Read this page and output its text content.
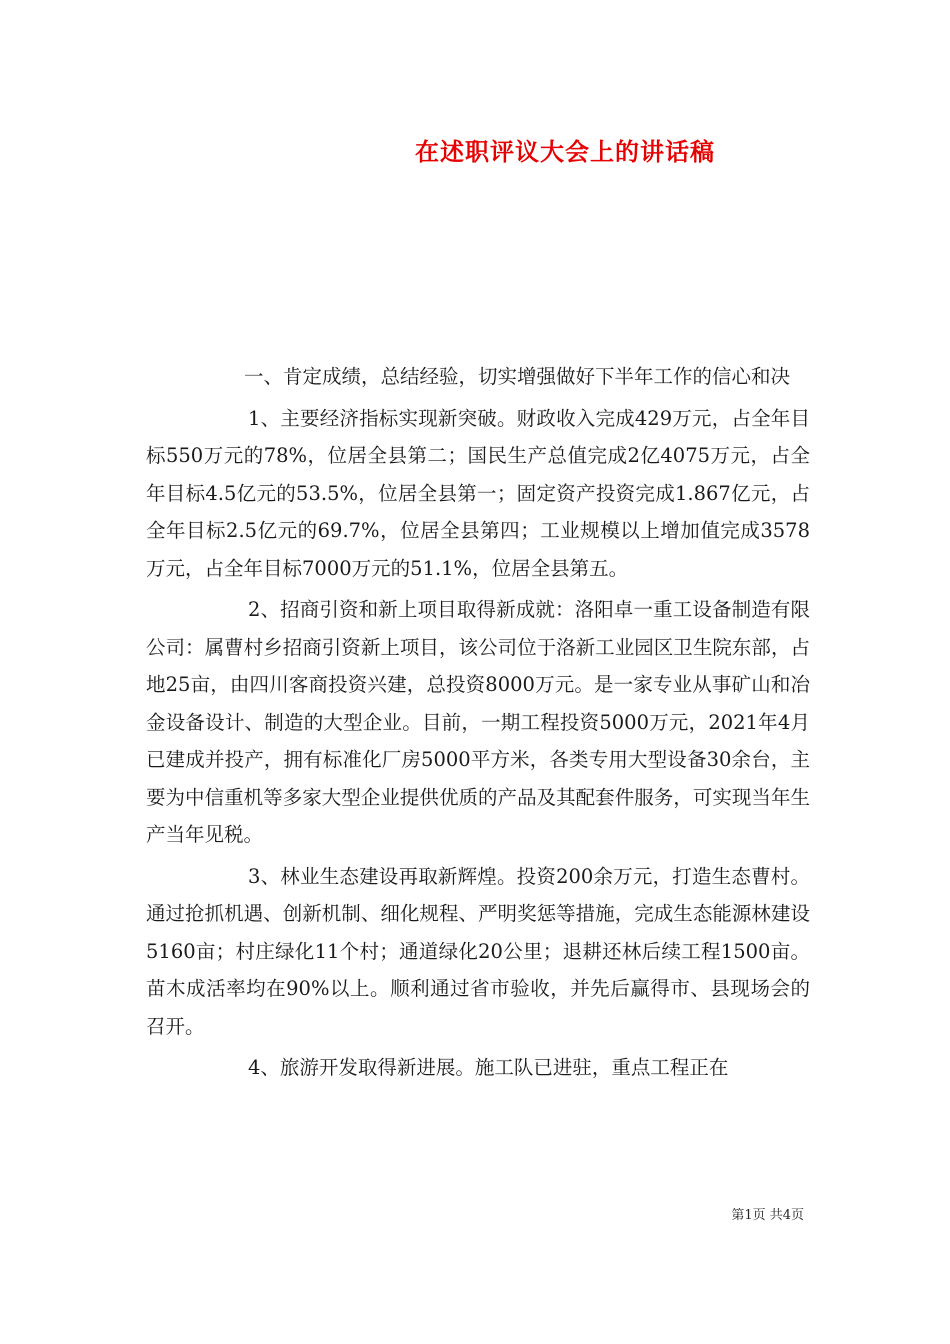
在述职评议大会上的讲话稿

一、肯定成绩，总结经验，切实增强做好下半年工作的信心和决

1、主要经济指标实现新突破。财政收入完成429万元，占全年目标550万元的78%，位居全县第二；国民生产总值完成2亿4075万元，占全年目标4.5亿元的53.5%，位居全县第一；固定资产投资完成1.867亿元，占全年目标2.5亿元的69.7%，位居全县第四；工业规模以上增加值完成3578万元，占全年目标7000万元的51.1%，位居全县第五。

2、招商引资和新上项目取得新成就：洛阳卓一重工设备制造有限公司：属曹村乡招商引资新上项目，该公司位于洛新工业园区卫生院东部，占地25亩，由四川客商投资兴建，总投资8000万元。是一家专业从事矿山和冶金设备设计、制造的大型企业。目前，一期工程投资5000万元，2021年4月已建成并投产，拥有标准化厂房5000平方米，各类专用大型设备30余台，主要为中信重机等多家大型企业提供优质的产品及其配套件服务，可实现当年生产当年见税。

3、林业生态建设再取新辉煌。投资200余万元，打造生态曹村。通过抢抓机遇、创新机制、细化规程、严明奖惩等措施，完成生态能源林建设5160亩；村庄绿化11个村；通道绿化20公里；退耕还林后续工程1500亩。苗木成活率均在90%以上。顺利通过省市验收，并先后赢得市、县现场会的召开。

4、旅游开发取得新进展。施工队已进驻，重点工程正在

第1页 共4页
